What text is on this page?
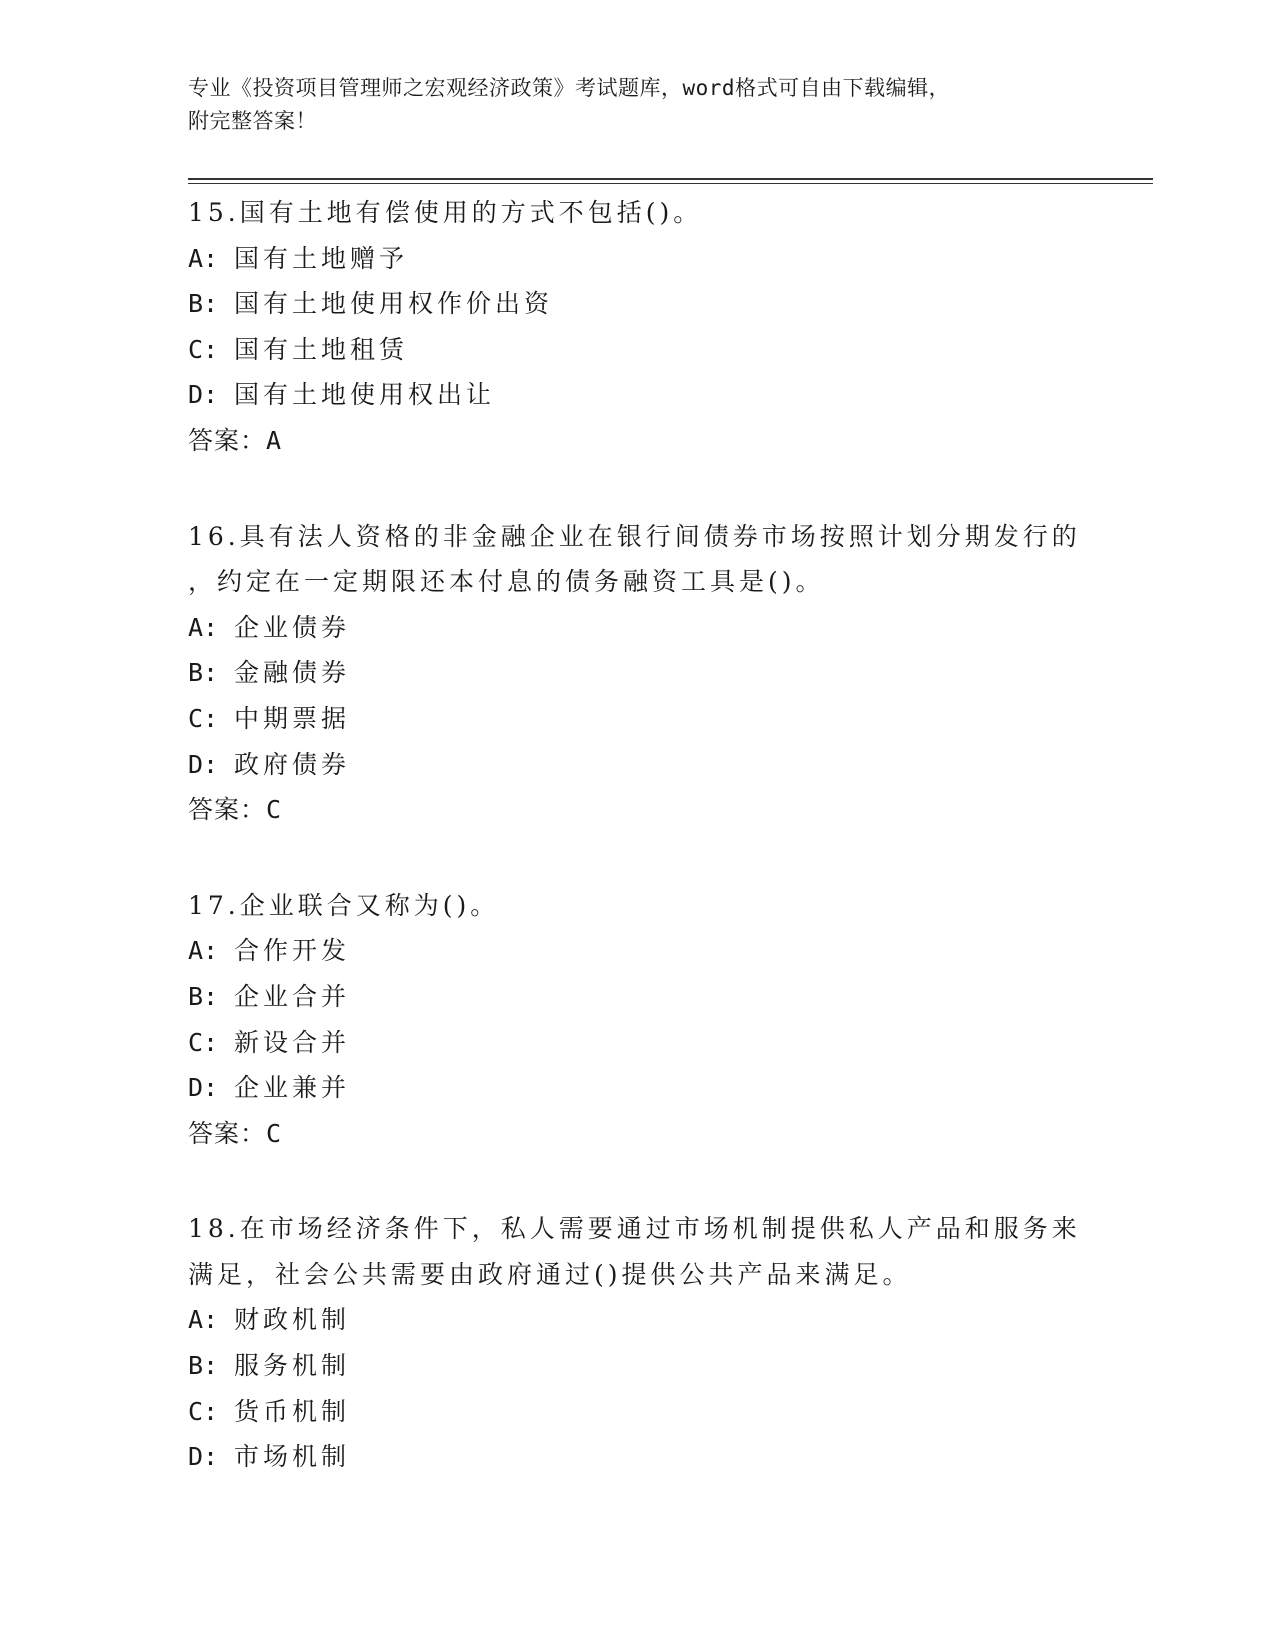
专业《投资项目管理师之宏观经济政策》考试题库，word格式可自由下载编辑，
附完整答案！
15.国有土地有偿使用的方式不包括()。
A: 国有土地赠予
B: 国有土地使用权作价出资
C: 国有土地租赁
D: 国有土地使用权出让
答案：A
16.具有法人资格的非金融企业在银行间债券市场按照计划分期发行的
，约定在一定期限还本付息的债务融资工具是()。
A: 企业债券
B: 金融债券
C: 中期票据
D: 政府债券
答案：C
17.企业联合又称为()。
A: 合作开发
B: 企业合并
C: 新设合并
D: 企业兼并
答案：C
18.在市场经济条件下，私人需要通过市场机制提供私人产品和服务来
满足，社会公共需要由政府通过()提供公共产品来满足。
A: 财政机制
B: 服务机制
C: 货币机制
D: 市场机制
